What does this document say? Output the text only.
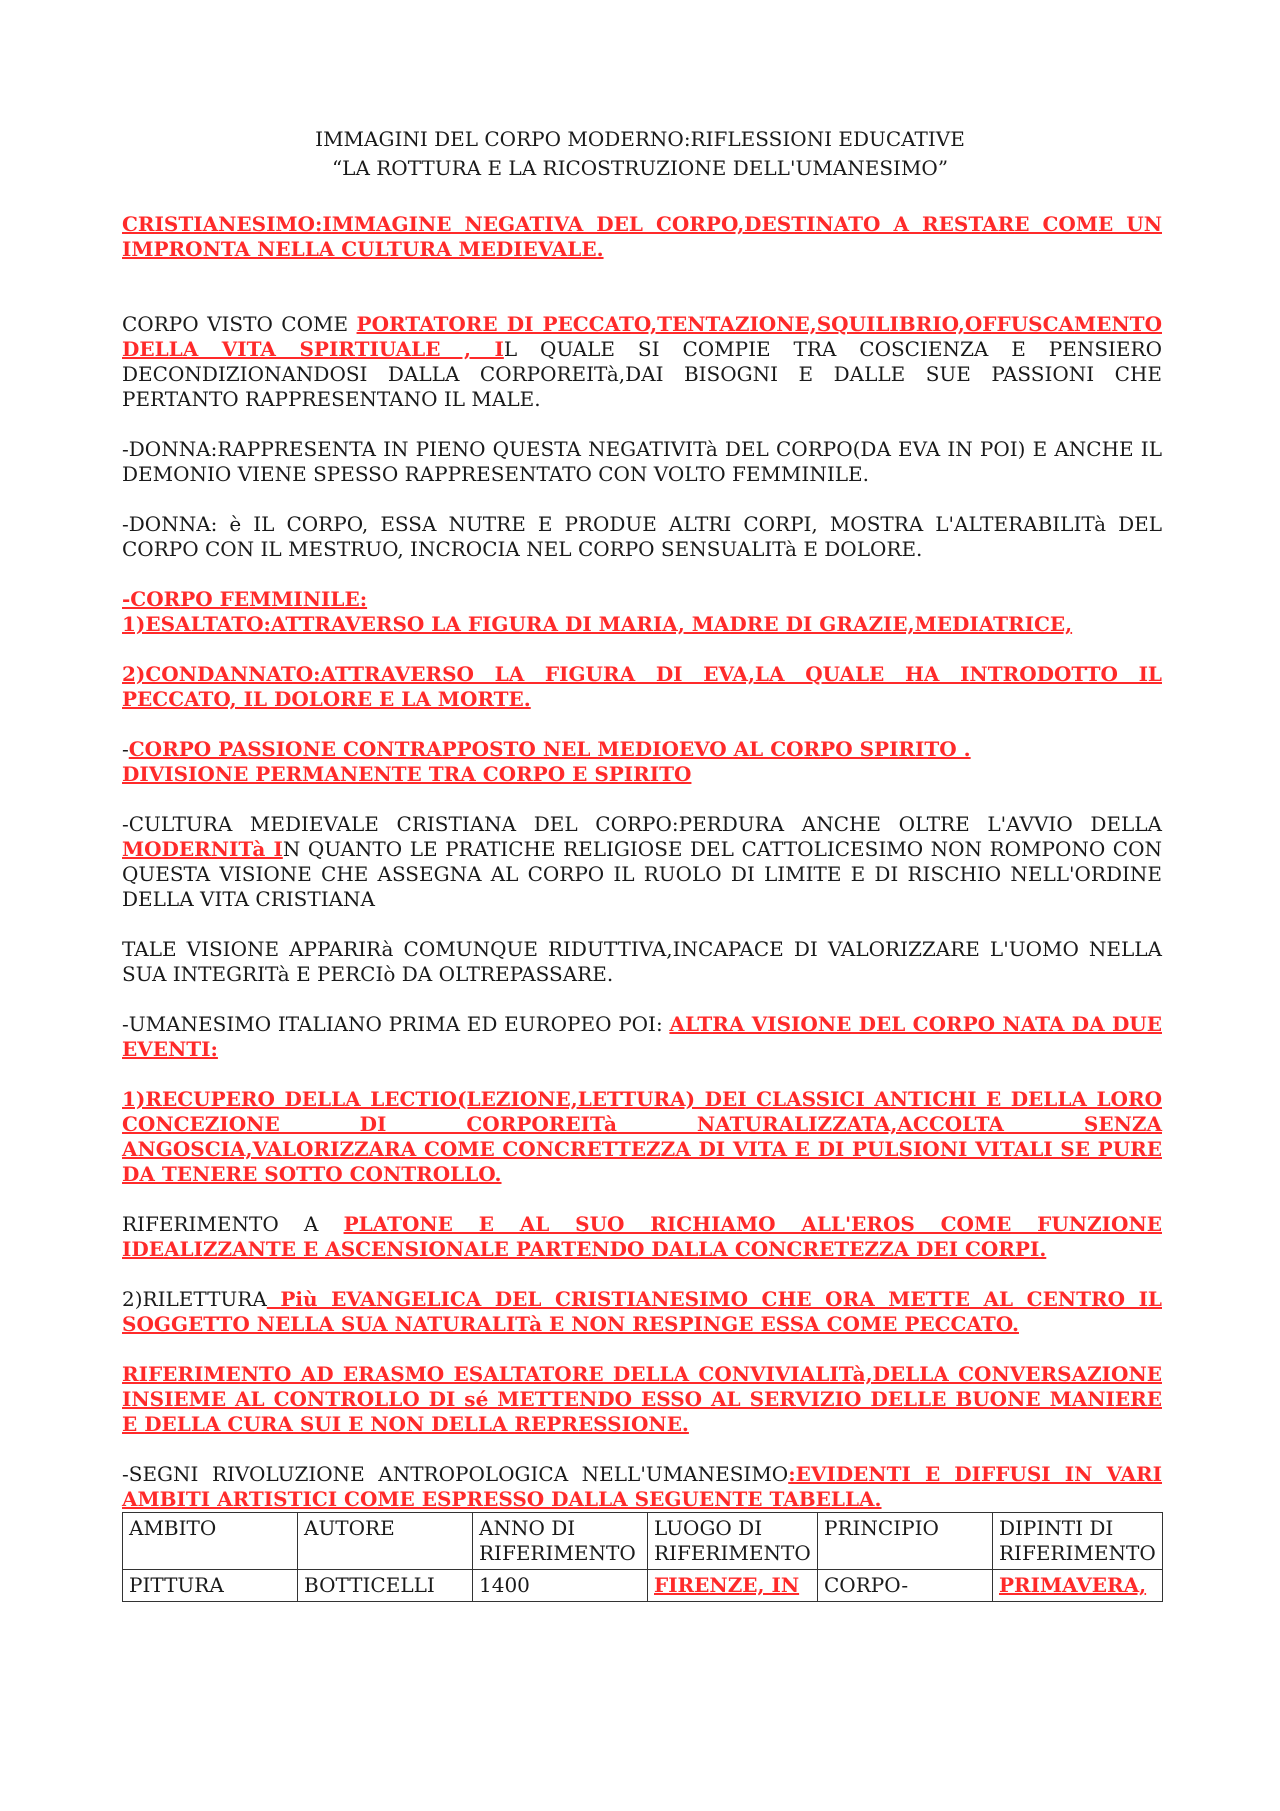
IMMAGINI DEL CORPO MODERNO:RIFLESSIONI EDUCATIVE
“LA ROTTURA E LA RICOSTRUZIONE DELL'UMANESIMO”

CRISTIANESIMO:IMMAGINE NEGATIVA DEL CORPO,DESTINATO A RESTARE COME UN IMPRONTA NELLA CULTURA MEDIEVALE.

CORPO VISTO COME PORTATORE DI PECCATO,TENTAZIONE,SQUILIBRIO,OFFUSCAMENTO DELLA VITA SPIRTIUALE , IL QUALE SI COMPIE TRA COSCIENZA E PENSIERO DECONDIZIONANDOSI DALLA CORPOREITà,DAI BISOGNI E DALLE SUE PASSIONI CHE PERTANTO RAPPRESENTANO IL MALE.

-DONNA:RAPPRESENTA IN PIENO QUESTA NEGATIVITà DEL CORPO(DA EVA IN POI) E ANCHE IL DEMONIO VIENE SPESSO RAPPRESENTATO CON VOLTO FEMMINILE.

-DONNA: è IL CORPO, ESSA NUTRE E PRODUE ALTRI CORPI, MOSTRA L'ALTERABILITà DEL CORPO CON IL MESTRUO, INCROCIA NEL CORPO SENSUALITà E DOLORE.

-CORPO FEMMINILE:
1)ESALTATO:ATTRAVERSO LA FIGURA DI MARIA, MADRE DI GRAZIE,MEDIATRICE,

2)CONDANNATO:ATTRAVERSO LA FIGURA DI EVA,LA QUALE HA INTRODOTTO IL PECCATO, IL DOLORE E LA MORTE.

-CORPO PASSIONE CONTRAPPOSTO NEL MEDIOEVO AL CORPO SPIRITO .
DIVISIONE PERMANENTE TRA CORPO E SPIRITO

-CULTURA MEDIEVALE CRISTIANA DEL CORPO:PERDURA ANCHE OLTRE L'AVVIO DELLA MODERNITà IN QUANTO LE PRATICHE RELIGIOSE DEL CATTOLICESIMO NON ROMPONO CON QUESTA VISIONE CHE ASSEGNA AL CORPO IL RUOLO DI LIMITE E DI RISCHIO NELL'ORDINE DELLA VITA CRISTIANA

TALE VISIONE APPARIRà COMUNQUE RIDUTTIVA,INCAPACE DI VALORIZZARE L'UOMO NELLA SUA INTEGRITà E PERCIò DA OLTREPASSARE.

-UMANESIMO ITALIANO PRIMA ED EUROPEO POI: ALTRA VISIONE DEL CORPO NATA DA DUE EVENTI:

1)RECUPERO DELLA LECTIO(LEZIONE,LETTURA) DEI CLASSICI ANTICHI E DELLA LORO CONCEZIONE DI CORPOREITà NATURALIZZATA,ACCOLTA SENZA ANGOSCIA,VALORIZZARA COME CONCRETTEZZA DI VITA E DI PULSIONI VITALI SE PURE DA TENERE SOTTO CONTROLLO.

RIFERIMENTO A PLATONE E AL SUO RICHIAMO ALL'EROS COME FUNZIONE IDEALIZZANTE E ASCENSIONALE PARTENDO DALLA CONCRETEZZA DEI CORPI.

2)RILETTURA Più EVANGELICA DEL CRISTIANESIMO CHE ORA METTE AL CENTRO IL SOGGETTO NELLA SUA NATURALITà E NON RESPINGE ESSA COME PECCATO.

RIFERIMENTO AD ERASMO ESALTATORE DELLA CONVIVIALITà,DELLA CONVERSAZIONE INSIEME AL CONTROLLO DI sé METTENDO ESSO AL SERVIZIO DELLE BUONE MANIERE E DELLA CURA SUI E NON DELLA REPRESSIONE.

-SEGNI RIVOLUZIONE ANTROPOLOGICA NELL'UMANESIMO:EVIDENTI E DIFFUSI IN VARI AMBITI ARTISTICI COME ESPRESSO DALLA SEGUENTE TABELLA.

AMBITO	AUTORE	ANNO DI RIFERIMENTO	LUOGO DI RIFERIMENTO	PRINCIPIO	DIPINTI DI RIFERIMENTO
PITTURA	BOTTICELLI	1400	FIRENZE, IN	CORPO-	PRIMAVERA,
